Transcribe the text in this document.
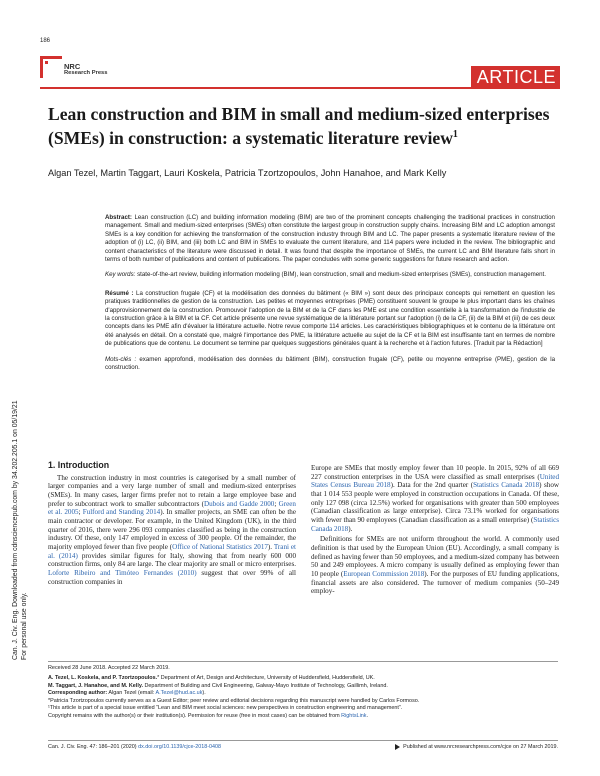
186
NRC
Research Press	ARTICLE
Lean construction and BIM in small and medium-sized enterprises (SMEs) in construction: a systematic literature review$^1$
Algan Tezel, Martin Taggart, Lauri Koskela, Patricia Tzortzopoulos, John Hanahoe, and Mark Kelly

Abstract: Lean construction (LC) and building information modeling (BIM) are two of the prominent concepts challenging the traditional practices in construction management. Small and medium-sized enterprises (SMEs) often constitute the largest group in construction supply chains. Increasing BIM and LC adoption amongst SMEs is a key condition for achieving the transformation of the construction industry through BIM and LC. The paper presents a systematic literature review of the adoption of (i) LC, (ii) BIM, and (iii) both LC and BIM in SMEs to evaluate the current literature, and 114 papers were included in the review. The bibliographic and content characteristics of the literature were discussed in detail. It was found that despite the importance of SMEs, the current LC and BIM literature falls short in terms of both number of publications and content of publications. The paper concludes with some generic suggestions for future research and action.

Key words: state-of-the-art review, building information modeling (BIM), lean construction, small and medium-sized enterprises (SMEs), construction management.

Résumé : La construction frugale (CF) et la modélisation des données du bâtiment (« BIM ») sont deux des principaux concepts qui remettent en question les pratiques traditionnelles de gestion de la construction. Les petites et moyennes entreprises (PME) constituent souvent le groupe le plus important dans les chaînes d'approvisionnement de la construction. Promouvoir l'adoption de la BIM et de la CF dans les PME est une condition essentielle à la transformation de l'industrie de la construction grâce à la BIM et la CF. Cet article présente une revue systématique de la littérature portant sur l'adoption (i) de la CF, (ii) de la BIM et (iii) de ces deux concepts dans les PME afin d'évaluer la littérature actuelle. Notre revue comporte 114 articles. Les caractéristiques bibliographiques et le contenu de la littérature ont été analysés en détail. On a constaté que, malgré l'importance des PME, la littérature actuelle au sujet de la CF et la BIM est insuffisante tant en termes de nombre de publications que de contenu. Le document se termine par quelques suggestions générales quant à la recherche et à l'action futures. [Traduit par la Rédaction]

Mots-clés : examen approfondi, modélisation des données du bâtiment (BIM), construction frugale (CF), petite ou moyenne entreprise (PME), gestion de la construction.

Can. J. Civ. Eng. Downloaded from cdnsciencepub.com by 34.202.205.1 on 05/19/21 For personal use only.
1. Introduction

The construction industry in most countries is categorised by a small number of larger companies and a very large number of small and medium-sized enterprises (SMEs). In many cases, larger firms prefer not to retain a large employee base and prefer to subcontract work to smaller subcontractors (Dubois and Gadde 2000; Green et al. 2005; Fulford and Standing 2014). In smaller projects, an SME can often be the main contractor or developer. For example, in the United Kingdom (UK), in the third quarter of 2016, there were 296 093 companies classified as being in the construction industry. Of these, only 147 employed in excess of 300 people. Of the remainder, the majority employed fewer than five people (Office of National Statistics 2017). Trani et al. (2014) provides similar figures for Italy, showing that from nearly 600 000 construction firms, only 84 are large. The clear majority are small or micro enterprises. Loforte Ribeiro and Timóteo Fernandes (2010) suggest that over 99% of all construction companies in

Europe are SMEs that mostly employ fewer than 10 people. In 2015, 92% of all 669 227 construction enterprises in the USA were classified as small enterprises (United States Census Bureau 2018). Data for the 2nd quarter (Statistics Canada 2018) show that 1 014 553 people were employed in construction occupations in Canada. Of these, only 127 098 (circa 12.5%) worked for organisations with greater than 500 employees (Canadian classification as large enterprise). Circa 73.1% worked for organisations with fewer than 90 employees (Canadian classification as a small enterprise) (Statistics Canada 2018).

Definitions for SMEs are not uniform throughout the world. A commonly used definition is that used by the European Union (EU). Accordingly, a small company is defined as having fewer than 50 employees, and a medium-sized company has between 50 and 249 employees. A micro company is usually defined as employing fewer than 10 people (European Commission 2018). For the purposes of EU funding applications, financial assets are also considered. The turnover of medium companies (50–249 employ-

Received 28 June 2018. Accepted 22 March 2019.
A. Tezel, L. Koskela, and P. Tzortzopoulos.* Department of Art, Design and Architecture, University of Huddersfield, Huddersfield, UK.
M. Taggart, J. Hanahoe, and M. Kelly. Department of Building and Civil Engineering, Galway-Mayo Institute of Technology, Gaillimh, Ireland.
Corresponding author: Algan Tezel (email: A.Tezel@hud.ac.uk).
*Patricia Tzortzopoulos currently serves as a Guest Editor; peer review and editorial decisions regarding this manuscript were handled by Carlos Formoso.
¹This article is part of a special issue entitled “Lean and BIM meet social sciences: new perspectives in construction engineering and management”.
Copyright remains with the author(s) or their institution(s). Permission for reuse (free in most cases) can be obtained from RightsLink.
Can. J. Civ. Eng. 47: 186–201 (2020) dx.doi.org/10.1139/cjce-2018-0408	Published at www.nrcresearchpress.com/cjce on 27 March 2019.
